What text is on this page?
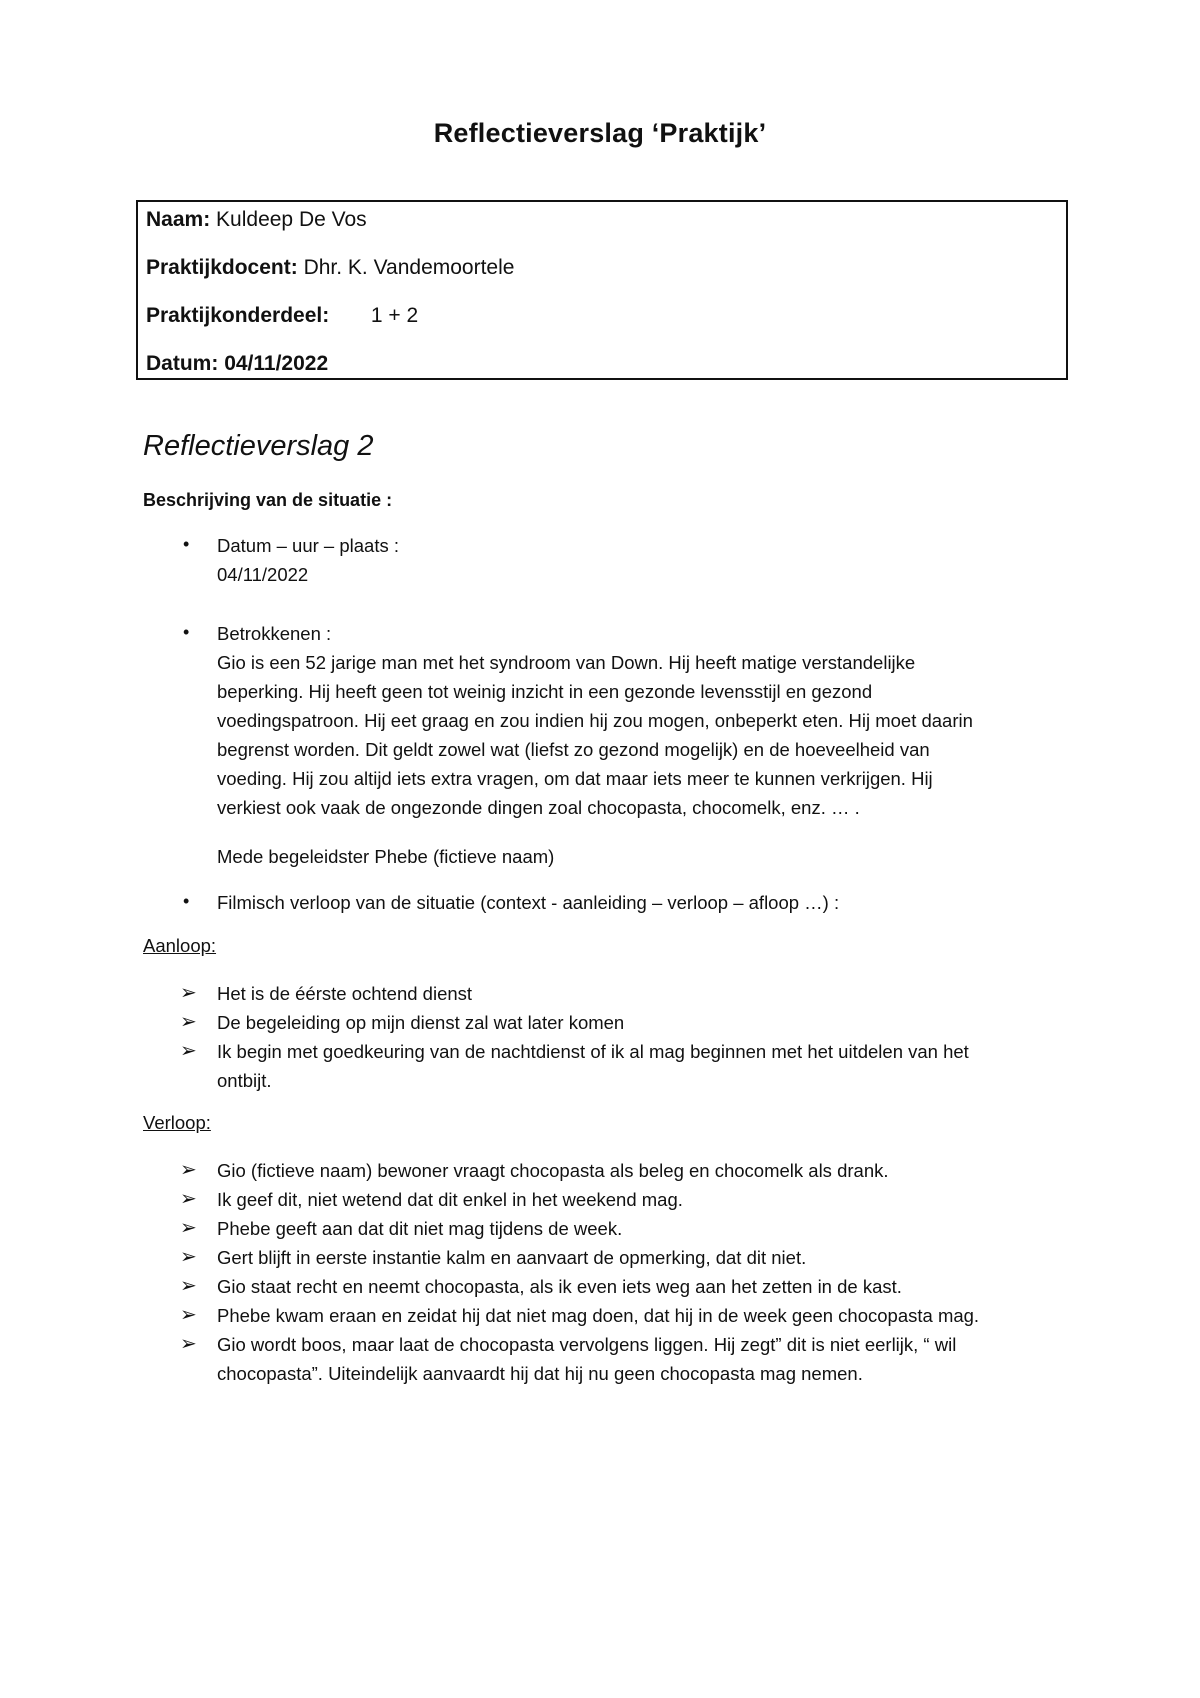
Reflectieverslag ‘Praktijk’
Naam: Kuldeep De Vos
Praktijkdocent: Dhr. K. Vandemoortele
Praktijkonderdeel: 1 + 2
Datum: 04/11/2022
Reflectieverslag 2
Beschrijving van de situatie :
• Datum – uur – plaats :
04/11/2022
• Betrokkenen :
Gio is een 52 jarige man met het syndroom van Down. Hij heeft matige verstandelijke
beperking. Hij heeft geen tot weinig inzicht in een gezonde levensstijl en gezond
voedingspatroon. Hij eet graag en zou indien hij zou mogen, onbeperkt eten. Hij moet daarin
begrenst worden. Dit geldt zowel wat (liefst zo gezond mogelijk) en de hoeveelheid van
voeding. Hij zou altijd iets extra vragen, om dat maar iets meer te kunnen verkrijgen. Hij
verkiest ook vaak de ongezonde dingen zoal chocopasta, chocomelk, enz. … .
Mede begeleidster Phebe (fictieve naam)
• Filmisch verloop van de situatie (context - aanleiding – verloop – afloop …) :
Aanloop:
➢ Het is de éérste ochtend dienst
➢ De begeleiding op mijn dienst zal wat later komen
➢ Ik begin met goedkeuring van de nachtdienst of ik al mag beginnen met het uitdelen van het
ontbijt.
Verloop:
➢ Gio (fictieve naam) bewoner vraagt chocopasta als beleg en chocomelk als drank.
➢ Ik geef dit, niet wetend dat dit enkel in het weekend mag.
➢ Phebe geeft aan dat dit niet mag tijdens de week.
➢ Gert blijft in eerste instantie kalm en aanvaart de opmerking, dat dit niet.
➢ Gio staat recht en neemt chocopasta, als ik even iets weg aan het zetten in de kast.
➢ Phebe kwam eraan en zeidat hij dat niet mag doen, dat hij in de week geen chocopasta mag.
➢ Gio wordt boos, maar laat de chocopasta vervolgens liggen. Hij zegt” dit is niet eerlijk, “ wil
chocopasta”. Uiteindelijk aanvaardt hij dat hij nu geen chocopasta mag nemen.
